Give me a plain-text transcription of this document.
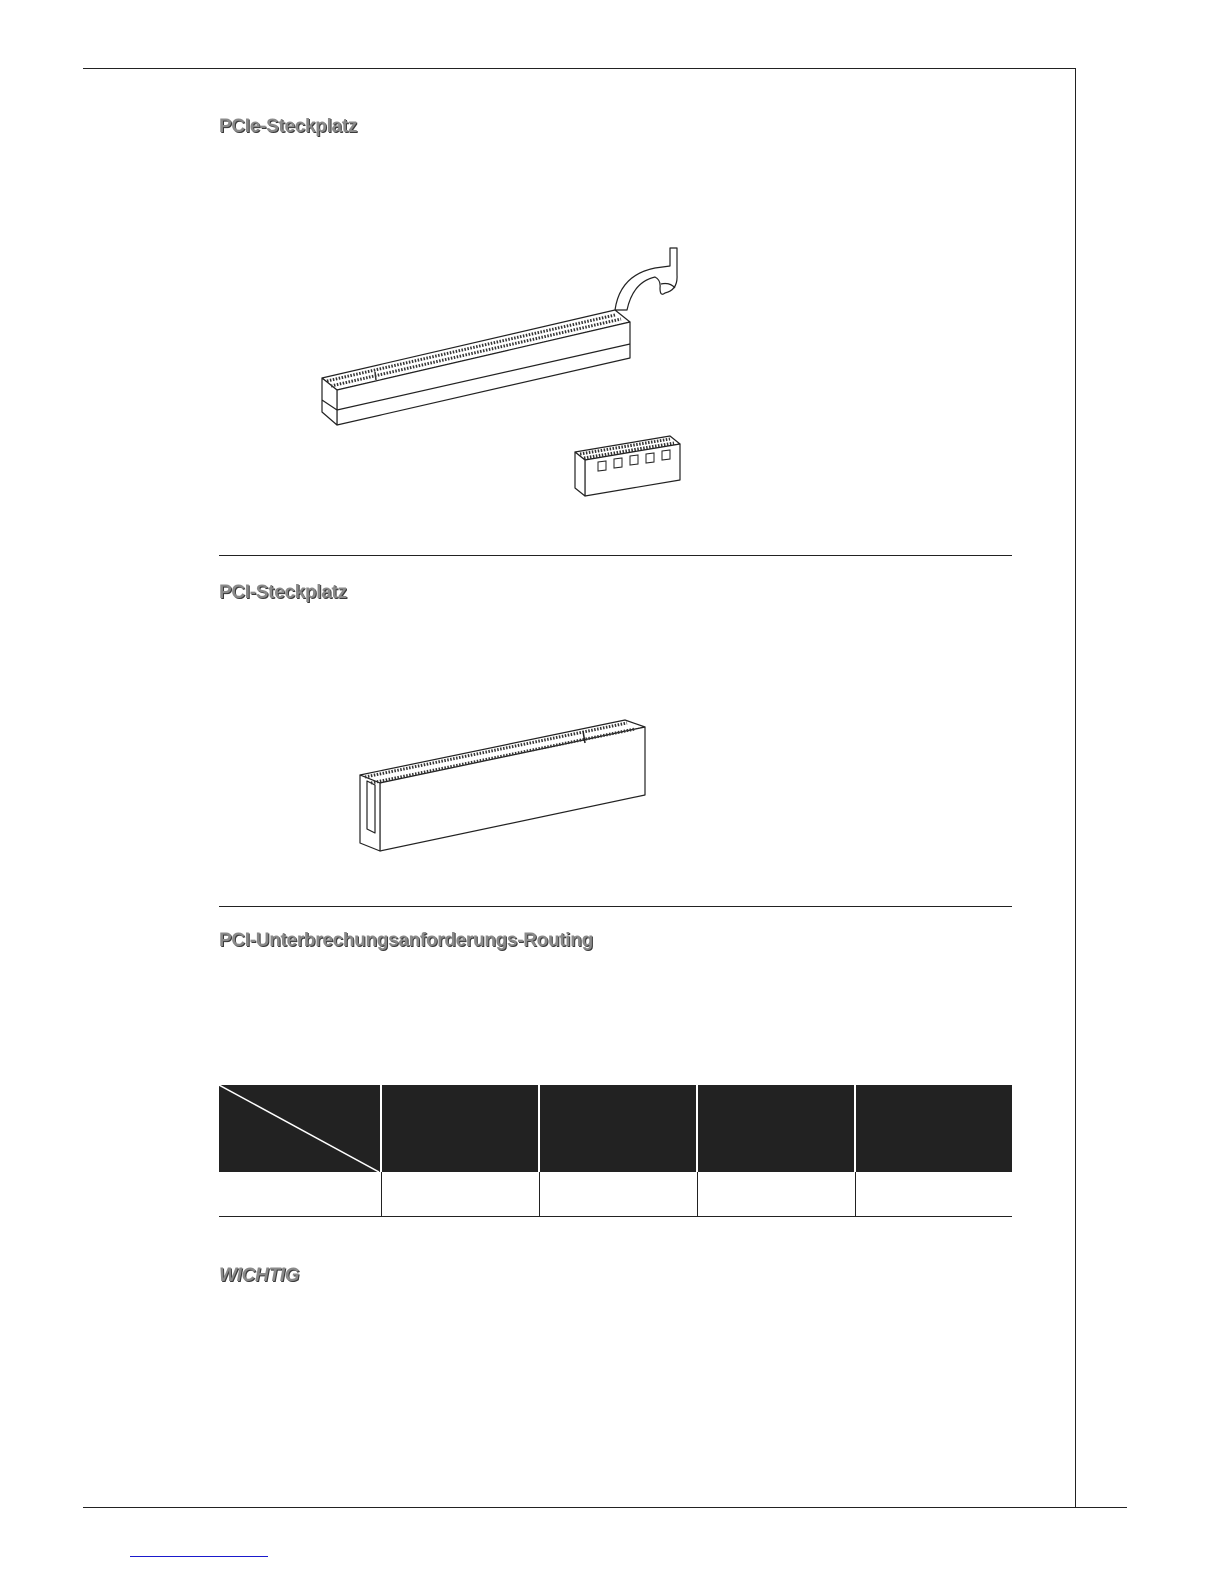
PCIe-Steckplatz
PCI-Steckplatz
PCI-Unterbrechungsanforderungs-Routing

WICHTIG
